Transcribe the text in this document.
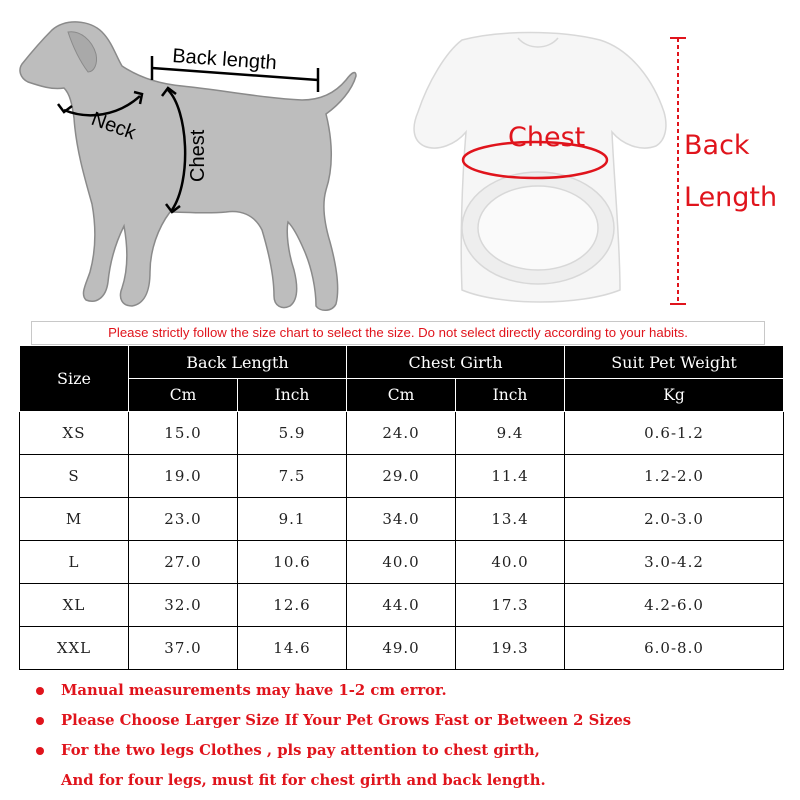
Back length
Neck
Chest	Chest	Back
Length
Please strictly follow the size chart to select the size. Do not select directly according to your habits.
Size	Back Length		Chest Girth		Suit Pet Weight
	Cm	Inch	Cm	Inch	Kg
XS	15.0	5.9	24.0	9.4	0.6-1.2
S	19.0	7.5	29.0	11.4	1.2-2.0
M	23.0	9.1	34.0	13.4	2.0-3.0
L	27.0	10.6	40.0	40.0	3.0-4.2
XL	32.0	12.6	44.0	17.3	4.2-6.0
XXL	37.0	14.6	49.0	19.3	6.0-8.0
Manual measurements may have 1-2 cm error.
Please Choose Larger Size If Your Pet Grows Fast or Between 2 Sizes
For the two legs Clothes , pls pay attention to chest girth,
And for four legs, must fit for chest girth and back length.
